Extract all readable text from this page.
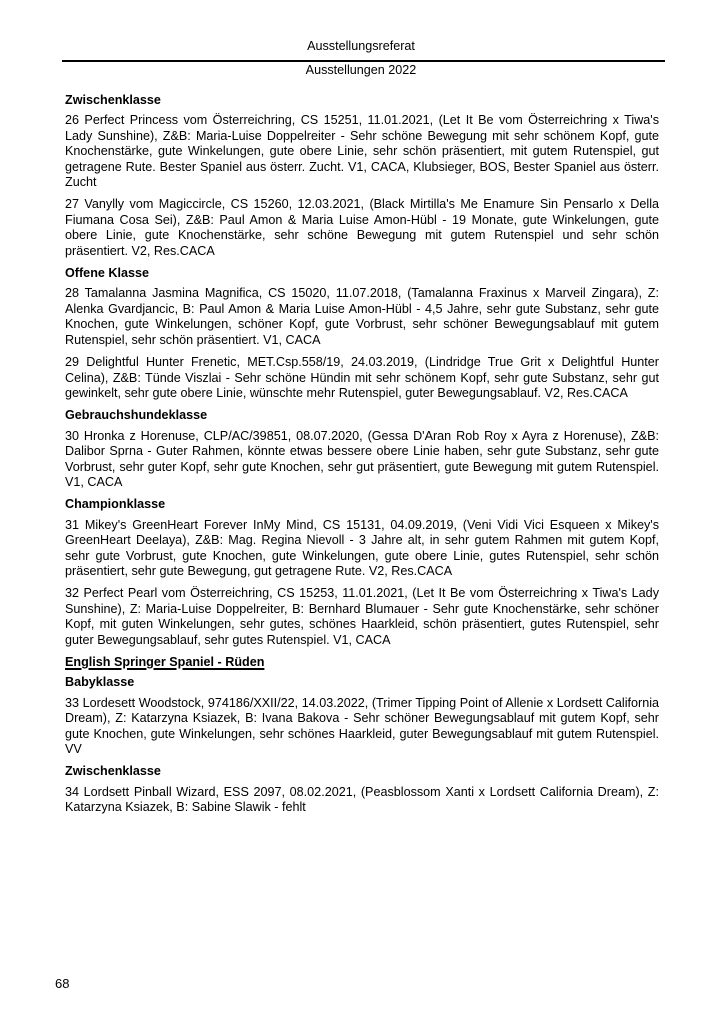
Ausstellungsreferat
Ausstellungen 2022
Zwischenklasse

26 Perfect Princess vom Österreichring, CS 15251, 11.01.2021, (Let It Be vom Österreichring x Tiwa's Lady Sunshine), Z&B: Maria-Luise Doppelreiter - Sehr schöne Bewegung mit sehr schönem Kopf, gute Knochenstärke, gute Winkelungen, gute obere Linie, sehr schön präsentiert, mit gutem Rutenspiel, gut getragene Rute. Bester Spaniel aus österr. Zucht. V1, CACA, Klubsieger, BOS, Bester Spaniel aus österr. Zucht

27 Vanylly vom Magiccircle, CS 15260, 12.03.2021, (Black Mirtilla's Me Enamure Sin Pensarlo x Della Fiumana Cosa Sei), Z&B: Paul Amon & Maria Luise Amon-Hübl - 19 Monate, gute Winkelungen, gute obere Linie, gute Knochenstärke, sehr schöne Bewegung mit gutem Rutenspiel und sehr schön präsentiert. V2, Res.CACA

Offene Klasse

28 Tamalanna Jasmina Magnifica, CS 15020, 11.07.2018, (Tamalanna Fraxinus x Marveil Zingara), Z: Alenka Gvardjancic, B: Paul Amon & Maria Luise Amon-Hübl - 4,5 Jahre, sehr gute Substanz, sehr gute Knochen, gute Winkelungen, schöner Kopf, gute Vorbrust, sehr schöner Bewegungsablauf mit gutem Rutenspiel, sehr schön präsentiert. V1, CACA

29 Delightful Hunter Frenetic, MET.Csp.558/19, 24.03.2019, (Lindridge True Grit x Delightful Hunter Celina), Z&B: Tünde Viszlai - Sehr schöne Hündin mit sehr schönem Kopf, sehr gute Substanz, sehr gut gewinkelt, sehr gute obere Linie, wünschte mehr Rutenspiel, guter Bewegungsablauf. V2, Res.CACA

Gebrauchshundeklasse

30 Hronka z Horenuse, CLP/AC/39851, 08.07.2020, (Gessa D'Aran Rob Roy x Ayra z Horenuse), Z&B: Dalibor Sprna - Guter Rahmen, könnte etwas bessere obere Linie haben, sehr gute Substanz, sehr gute Vorbrust, sehr guter Kopf, sehr gute Knochen, sehr gut präsentiert, gute Bewegung mit gutem Rutenspiel. V1, CACA

Championklasse

31 Mikey's GreenHeart Forever InMy Mind, CS 15131, 04.09.2019, (Veni Vidi Vici Esqueen x Mikey's GreenHeart Deelaya), Z&B: Mag. Regina Nievoll - 3 Jahre alt, in sehr gutem Rahmen mit gutem Kopf, sehr gute Vorbrust, gute Knochen, gute Winkelungen, gute obere Linie, gutes Rutenspiel, sehr schön präsentiert, sehr gute Bewegung, gut getragene Rute. V2, Res.CACA

32 Perfect Pearl vom Österreichring, CS 15253, 11.01.2021, (Let It Be vom Österreichring x Tiwa's Lady Sunshine), Z: Maria-Luise Doppelreiter, B: Bernhard Blumauer - Sehr gute Knochenstärke, sehr schöner Kopf, mit guten Winkelungen, sehr gutes, schönes Haarkleid, schön präsentiert, gutes Rutenspiel, sehr guter Bewegungsablauf, sehr gutes Rutenspiel. V1, CACA

English Springer Spaniel - Rüden
Babyklasse

33 Lordesett Woodstock, 974186/XXII/22, 14.03.2022, (Trimer Tipping Point of Allenie x Lordsett California Dream), Z: Katarzyna Ksiazek, B: Ivana Bakova - Sehr schöner Bewegungsablauf mit gutem Kopf, sehr gute Knochen, gute Winkelungen, sehr schönes Haarkleid, guter Bewegungsablauf mit gutem Rutenspiel. VV

Zwischenklasse

34 Lordsett Pinball Wizard, ESS 2097, 08.02.2021, (Peasblossom Xanti x Lordsett California Dream), Z: Katarzyna Ksiazek, B: Sabine Slawik - fehlt

68
